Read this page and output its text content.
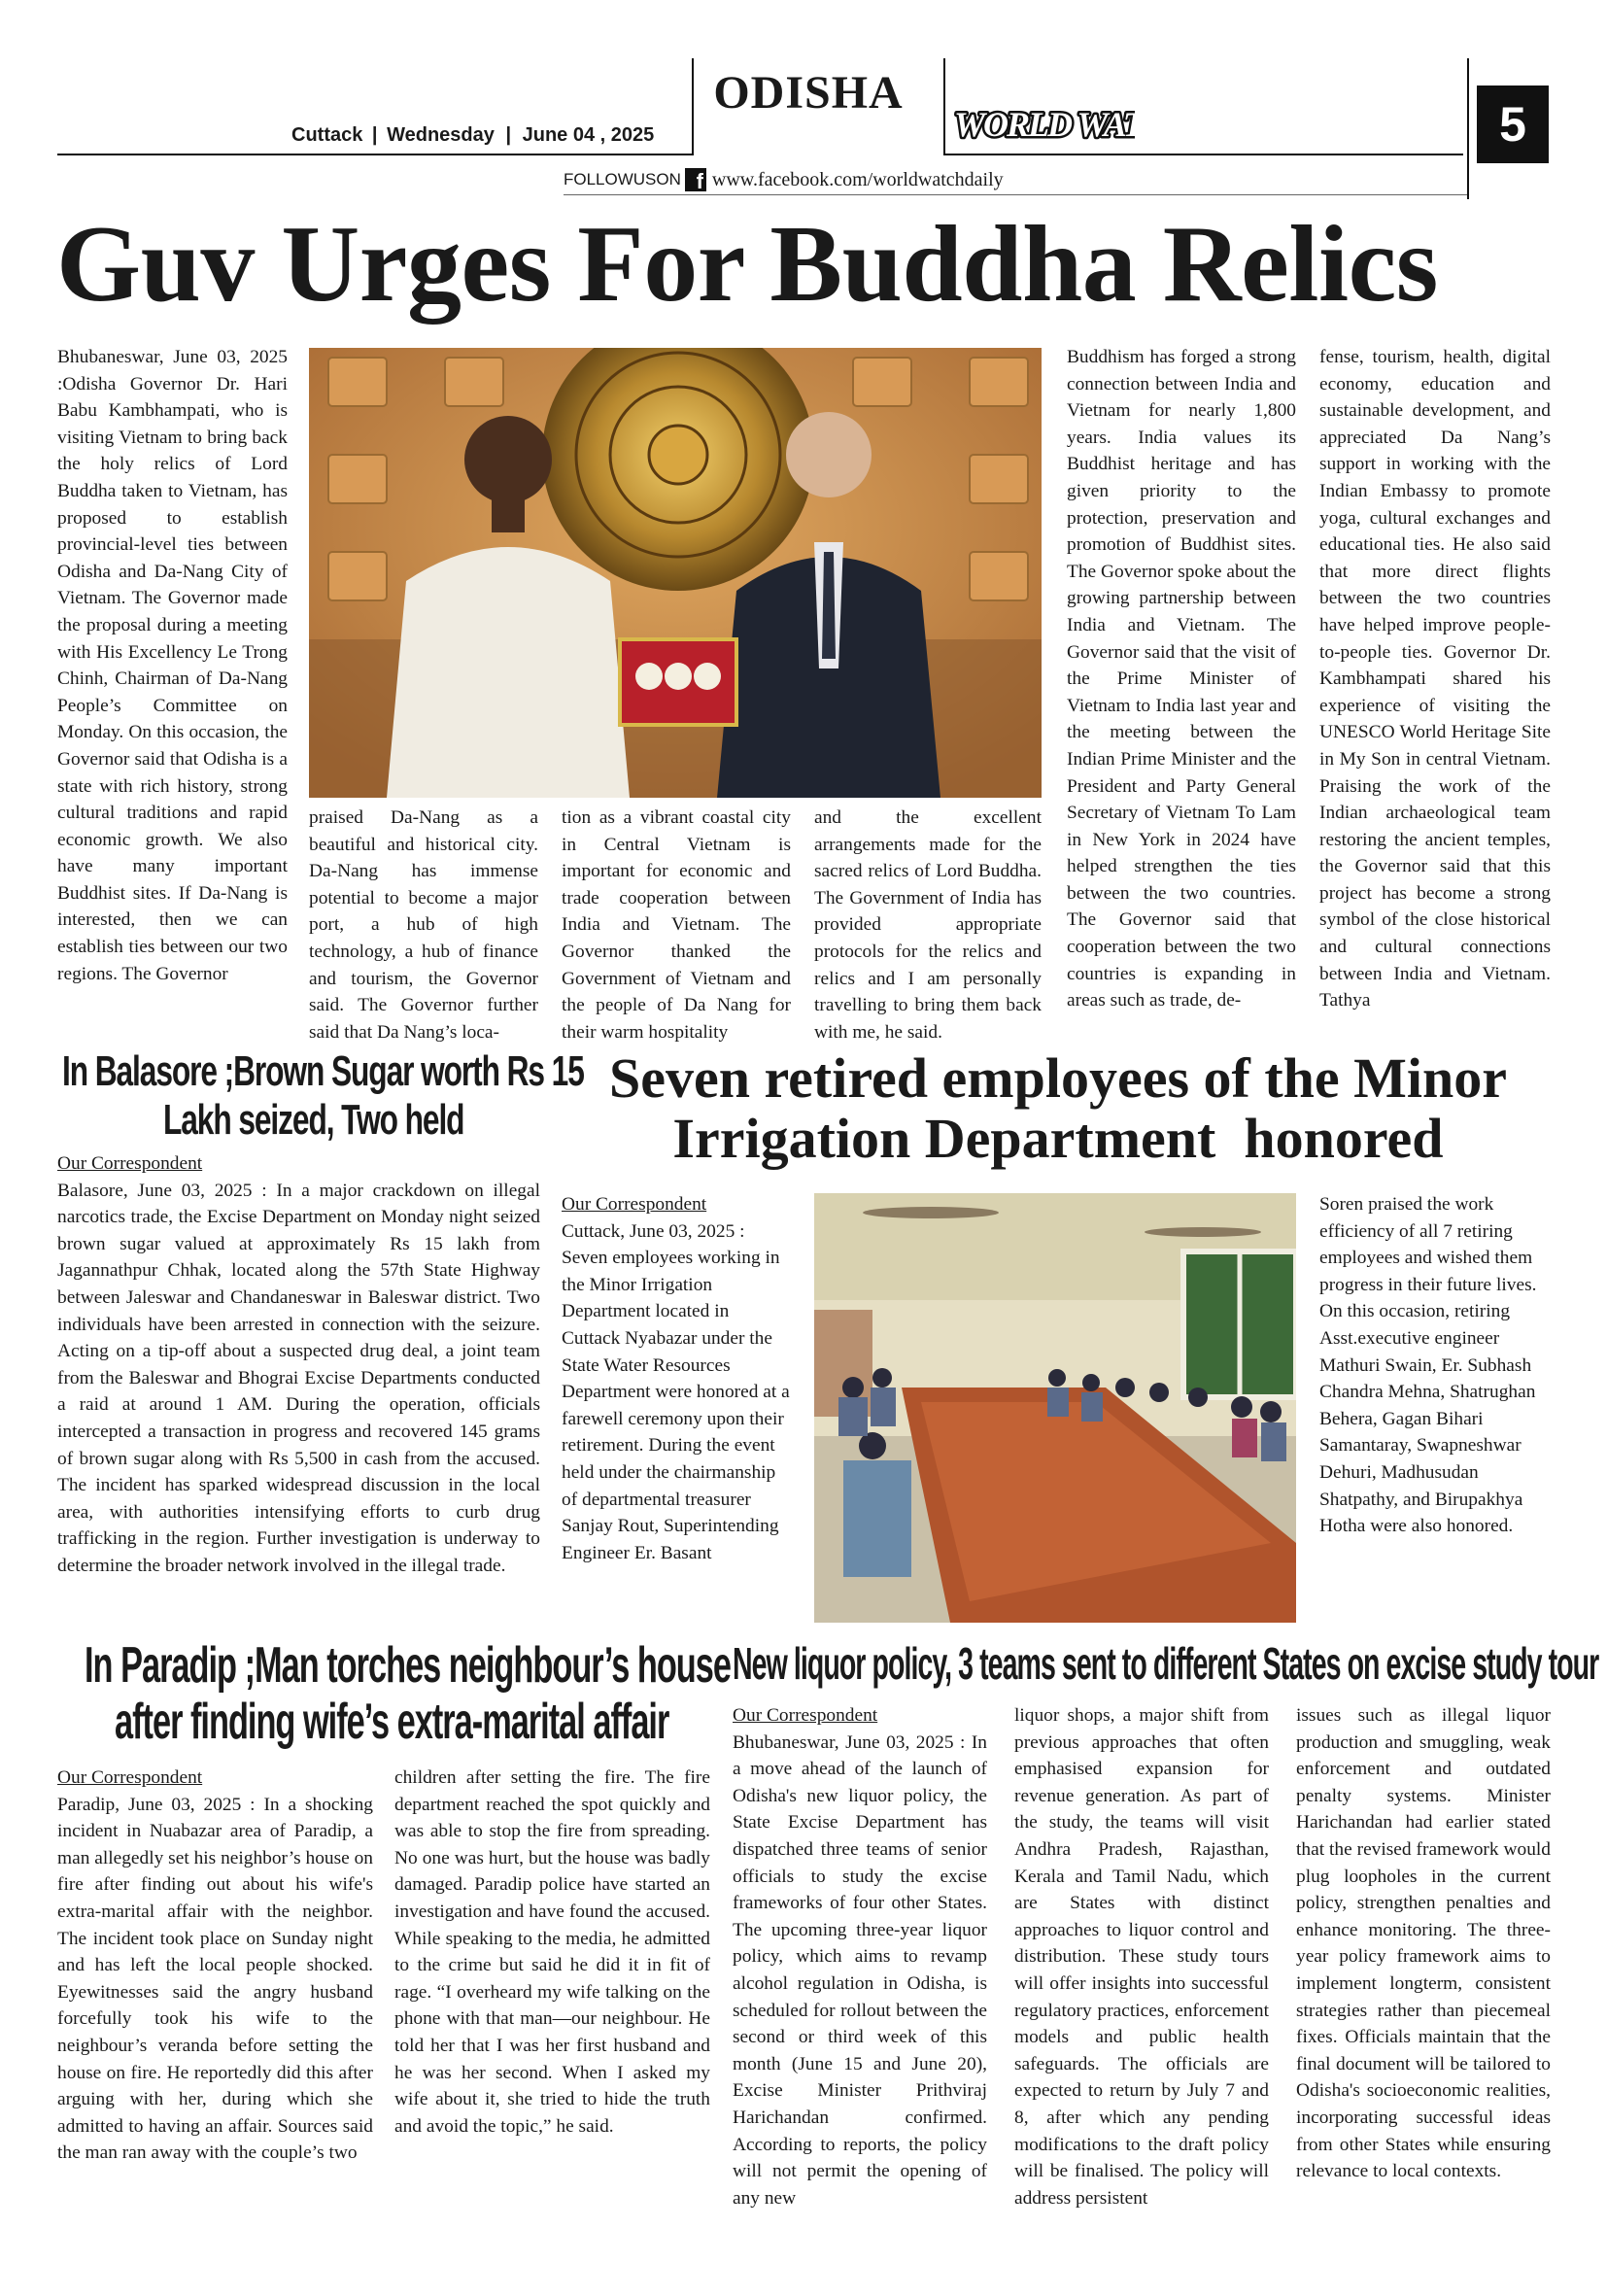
Cuttack | Wednesday | June 04 , 2025
ODISHA
WORLD WA
WORLD WA	5
FOLLOWUSON f www.facebook.com/worldwatchdaily
Guv Urges For Buddha Relics

Bhubaneswar, June 03, 2025 :Odisha Governor Dr. Hari Babu Kambhampati, who is visiting Vietnam to bring back the holy relics of Lord Buddha taken to Vietnam, has proposed to establish provincial-level ties between Odisha and Da-Nang City of Vietnam. The Governor made the proposal during a meeting with His Excellency Le Trong Chinh, Chairman of Da-Nang People’s Committee on Monday. On this occasion, the Governor said that Odisha is a state with rich history, strong cultural traditions and rapid economic growth. We also have many important Buddhist sites. If Da-Nang is interested, then we can establish ties between our two regions. The Governor

praised Da-Nang as a beautiful and historical city. Da-Nang has immense potential to become a major port, a hub of high technology, a hub of finance and tourism, the Governor said. The Governor further said that Da Nang’s loca-

tion as a vibrant coastal city in Central Vietnam is important for economic and trade cooperation between India and Vietnam. The Governor thanked the Government of Vietnam and the people of Da Nang for their warm hospitality

and the excellent arrangements made for the sacred relics of Lord Buddha. The Government of India has provided appropriate protocols for the relics and relics and I am personally travelling to bring them back with me, he said.

Buddhism has forged a strong connection between India and Vietnam for nearly 1,800 years. India values its Buddhist heritage and has given priority to the protection, preservation and promotion of Buddhist sites. The Governor spoke about the growing partnership between India and Vietnam. The Governor said that the visit of the Prime Minister of Vietnam to India last year and the meeting between the Indian Prime Minister and the President and Party General Secretary of Vietnam To Lam in New York in 2024 have helped strengthen the ties between the two countries. The Governor said that cooperation between the two countries is expanding in areas such as trade, de-

fense, tourism, health, digital economy, education and sustainable development, and appreciated Da Nang’s support in working with the Indian Embassy to promote yoga, cultural exchanges and educational ties. He also said that more direct flights between the two countries have helped improve people-to-people ties. Governor Dr. Kambhampati shared his experience of visiting the UNESCO World Heritage Site in My Son in central Vietnam. Praising the work of the Indian archaeological team restoring the ancient temples, the Governor said that this project has become a strong symbol of the close historical and cultural connections between India and Vietnam. Tathya

In Balasore ;Brown Sugar worth Rs 15
Lakh seized, Two held
Our Correspondent

Balasore, June 03, 2025 : In a major crackdown on illegal narcotics trade, the Excise Department on Monday night seized brown sugar valued at approximately Rs 15 lakh from Jagannathpur Chhak, located along the 57th State Highway between Jaleswar and Chandaneswar in Baleswar district. Two individuals have been arrested in connection with the seizure. Acting on a tip-off about a suspected drug deal, a joint team from the Baleswar and Bhograi Excise Departments conducted a raid at around 1 AM. During the operation, officials intercepted a transaction in progress and recovered 145 grams of brown sugar along with Rs 5,500 in cash from the accused. The incident has sparked widespread discussion in the local area, with authorities intensifying efforts to curb drug trafficking in the region. Further investigation is underway to determine the broader network involved in the illegal trade.

Seven retired employees of the Minor
Irrigation Department  honored
Our Correspondent

Cuttack, June 03, 2025 : Seven employees working in the Minor Irrigation Department located in Cuttack Nyabazar under the State Water Resources Department were honored at a farewell ceremony upon their retirement. During the event held under the chairmanship of departmental treasurer Sanjay Rout, Superintending Engineer Er. Basant

Soren praised the work efficiency of all 7 retiring employees and wished them progress in their future lives. On this occasion, retiring Asst.executive engineer Mathuri Swain, Er. Subhash Chandra Mehna, Shatrughan Behera, Gagan Bihari Samantaray, Swapneshwar Dehuri, Madhusudan Shatpathy, and Birupakhya Hotha were also honored.

In Paradip ;Man torches neighbour’s house
after finding wife’s extra-marital affair
Our Correspondent

Paradip, June 03, 2025 : In a shocking incident in Nuabazar area of Paradip, a man allegedly set his neighbor’s house on fire after finding out about his wife's extra-marital affair with the neighbor. The incident took place on Sunday night and has left the local people shocked. Eyewitnesses said the angry husband forcefully took his wife to the neighbour’s veranda before setting the house on fire. He reportedly did this after arguing with her, during which she admitted to having an affair. Sources said the man ran away with the couple’s two

children after setting the fire. The fire department reached the spot quickly and was able to stop the fire from spreading. No one was hurt, but the house was badly damaged. Paradip police have started an investigation and have found the accused. While speaking to the media, he admitted to the crime but said he did it in fit of rage. “I overheard my wife talking on the phone with that man—our neighbour. He told her that I was her first husband and he was her second. When I asked my wife about it, she tried to hide the truth and avoid the topic,” he said.

New liquor policy, 3 teams sent to different States on excise study tour
Our Correspondent

Bhubaneswar, June 03, 2025 : In a move ahead of the launch of Odisha's new liquor policy, the State Excise Department has dispatched three teams of senior officials to study the excise frameworks of four other States. The upcoming three-year liquor policy, which aims to revamp alcohol regulation in Odisha, is scheduled for rollout between the second or third week of this month (June 15 and June 20), Excise Minister Prithviraj Harichandan confirmed. According to reports, the policy will not permit the opening of any new

liquor shops, a major shift from previous approaches that often emphasised expansion for revenue generation. As part of the study, the teams will visit Andhra Pradesh, Rajasthan, Kerala and Tamil Nadu, which are States with distinct approaches to liquor control and distribution. These study tours will offer insights into successful regulatory practices, enforcement models and public health safeguards. The officials are expected to return by July 7 and 8, after which any pending modifications to the draft policy will be finalised. The policy will address persistent

issues such as illegal liquor production and smuggling, weak enforcement and outdated penalty systems. Minister Harichandan had earlier stated that the revised framework would plug loopholes in the current policy, strengthen penalties and enhance monitoring. The three-year policy framework aims to implement longterm, consistent strategies rather than piecemeal fixes. Officials maintain that the final document will be tailored to Odisha's socioeconomic realities, incorporating successful ideas from other States while ensuring relevance to local contexts.
